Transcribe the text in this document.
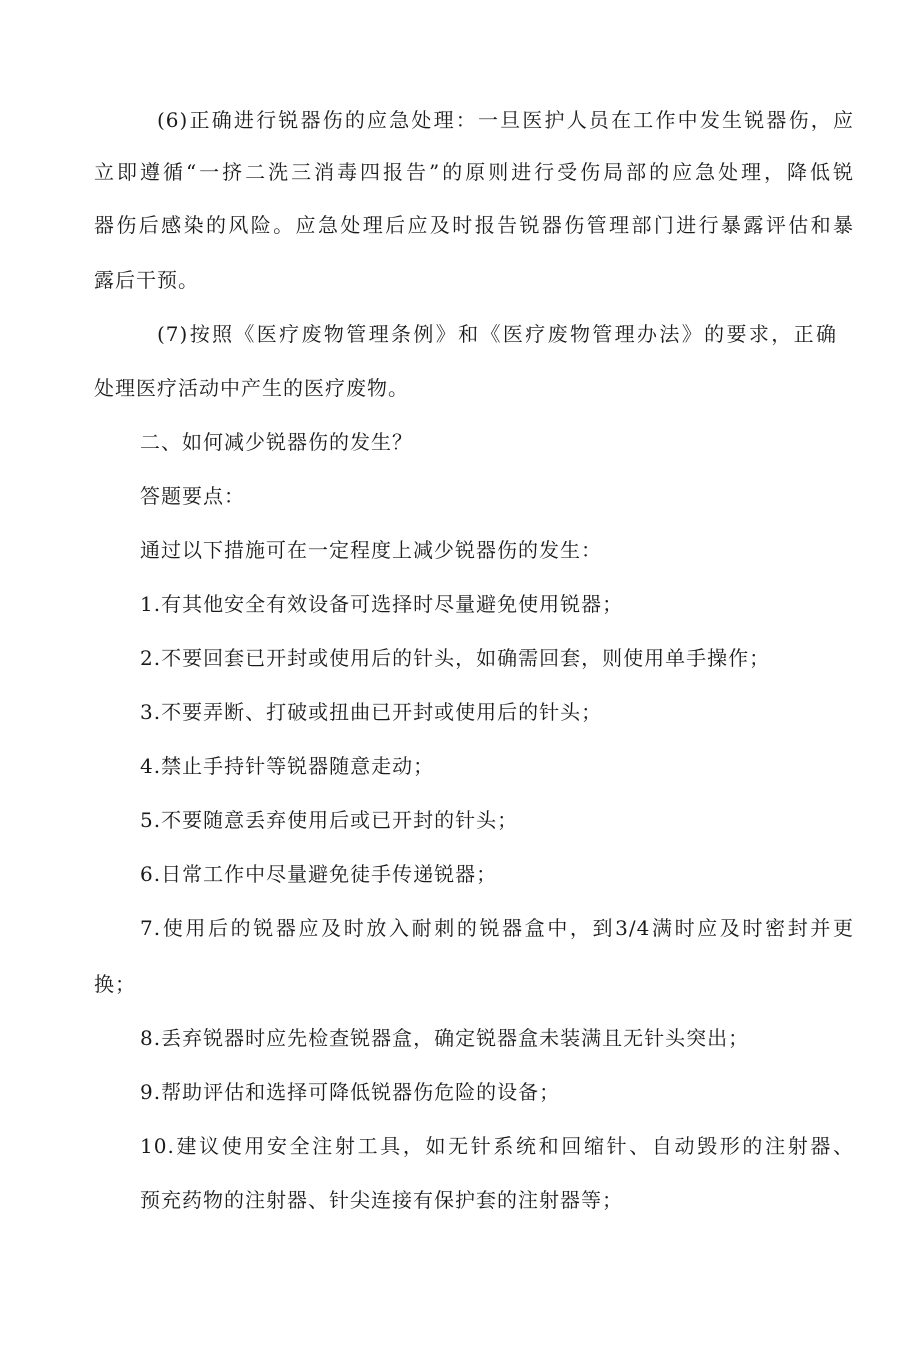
(6)正确进行锐器伤的应急处理：一旦医护人员在工作中发生锐器伤，应
立即遵循“一挤二洗三消毒四报告”的原则进行受伤局部的应急处理，降低锐
器伤后感染的风险。应急处理后应及时报告锐器伤管理部门进行暴露评估和暴
露后干预。
(7)按照《医疗废物管理条例》和《医疗废物管理办法》的要求，正确
处理医疗活动中产生的医疗废物。
二、如何减少锐器伤的发生？
答题要点：
通过以下措施可在一定程度上减少锐器伤的发生：
1.有其他安全有效设备可选择时尽量避免使用锐器；
2.不要回套已开封或使用后的针头，如确需回套，则使用单手操作；
3.不要弄断、打破或扭曲已开封或使用后的针头；
4.禁止手持针等锐器随意走动；
5.不要随意丢弃使用后或已开封的针头；
6.日常工作中尽量避免徒手传递锐器；
7.使用后的锐器应及时放入耐刺的锐器盒中，到3/4满时应及时密封并更
换；
8.丢弃锐器时应先检查锐器盒，确定锐器盒未装满且无针头突出；
9.帮助评估和选择可降低锐器伤危险的设备；
10.建议使用安全注射工具，如无针系统和回缩针、自动毁形的注射器、
预充药物的注射器、针尖连接有保护套的注射器等；
